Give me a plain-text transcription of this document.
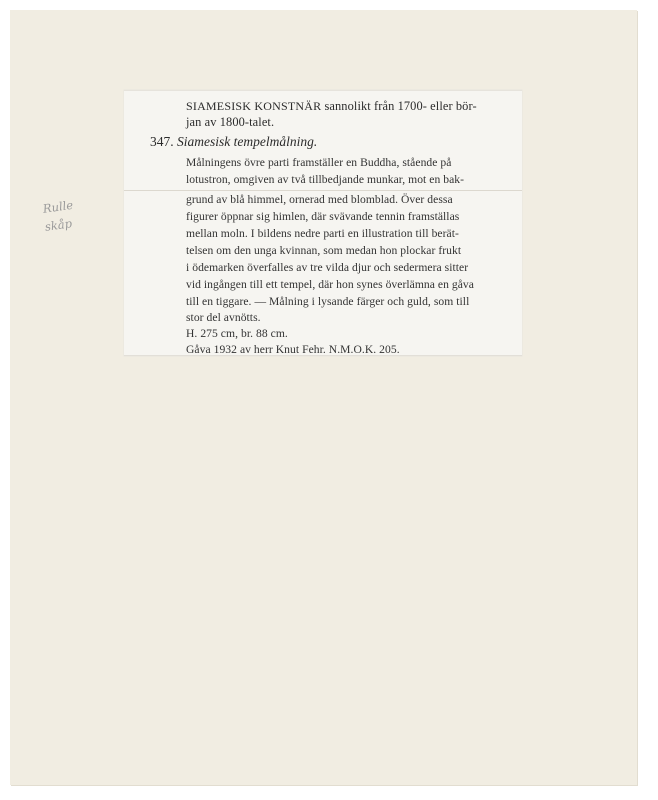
Rulle
skåp
SIAMESISK KONSTNÄR sannolikt från 1700- eller bör-
jan av 1800-talet.
347. Siamesisk tempelmålning.
Målningens övre parti framställer en Buddha, stående på
lotustron, omgiven av två tillbedjande munkar, mot en bak-
grund av blå himmel, ornerad med blomblad. Över dessa
figurer öppnar sig himlen, där svävande tennin framställas
mellan moln. I bildens nedre parti en illustration till berät-
telsen om den unga kvinnan, som medan hon plockar frukt
i ödemarken överfalles av tre vilda djur och sedermera sitter
vid ingången till ett tempel, där hon synes överlämna en gåva
till en tiggare. — Målning i lysande färger och guld, som till
stor del avnötts.
H. 275 cm, br. 88 cm.
Gåva 1932 av herr Knut Fehr. N.M.O.K. 205.
